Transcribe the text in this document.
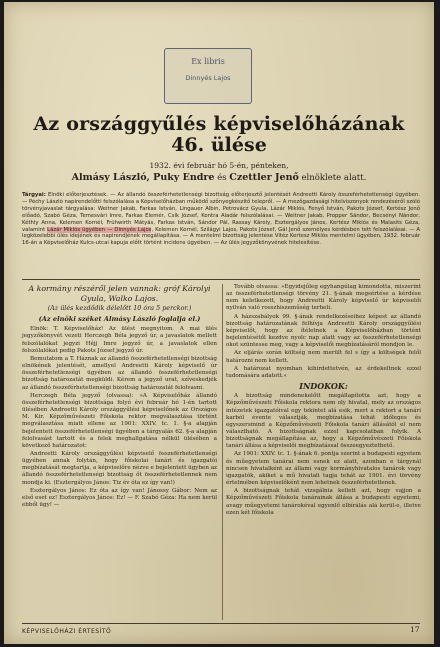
Ex libris
Dinnyés Lajos
Az országgyűlés képviselőházának
46. ülése
1932. évi február hó 5-én, pénteken,
Almásy László, Puky Endre és Czettler Jenő elnöklete alatt.
Tárgyai: Elnöki előterjesztések. — Az állandó összeférhetetlenségi bizottság előterjesztő jelentését Andreetti Károly összeférhetetlenségi ügyében. — Péchy László napirendelőtti felszólalása a Képviselőházban működő szőnyegkészítő telepről. — A mezőgazdasági hitelviszonyok rendezéséről szóló törvényjavaslat tárgyalása: Weitner Jakab, Farkas István, Lingauer Albin, Petrovácz Gyula, Lázár Miklós, Fenyő István, Pakots József, Kertész Jenő előadó, Szabó Géza, Temesvári Imre, Farkas Elemér, Csík József, Kontra Aladár felszólalásai. — Weitner Jakab, Propper Sándor, Becsényi Nándor, Kéthly Anna, Kelemen Kornél, Frühwirth Mátyás, Farkas István, Sándor Pál, Rassay Károly, Esztergályos János, Kertész Miklós és Malasits Géza, valamint Lázár Miklós ügyében — Dinnyés Lajos, Kelemen Kornél, Szilágyi Lajos, Pakots József, Gál Jenő személyes kérdésben tett felszólalásai. — A legközelebbi ülés idejének és napirendjének megállapítása. — A mentelmi bizottság jelentése Vitéz Kertesz Miklós mentelmi ügyében, 1932. február 16-án a Képviselőház Kulcs-utcai kapuja előtt történt incidens ügyében. — Az ülés jegyzőkönyvének hitelesítése.

A kormány részéről jelen vannak: gróf Károlyi Gyula, Walko Lajos.

(Az ülés kezdődik délelőtt 10 óra 5 perckor.)

(Az elnöki széket Almásy László foglalja el.)

Elnök: T. Képviselőház! Az ülést megnyitom. A mai ülés jegyzőkönyvét vezeti Herczegh Béla jegyző úr, a javaslatok mellett felszólalókat jegyzi Héjj Imre jegyző úr, a javaslatok ellen felszólalókat pedig Pakots József jegyző úr.

Bemutatom a T. Háznak az állandó összeférhetetlenségi bizottság elnökének jelentését, amellyel Andreetti Károly képviselő úr összeférhetetlenségi ügyében az állandó összeférhetetlenségi bizottság határozatát megküldi. Kérem a jegyző urat, szíveskedjék az állandó összeférhetetlenségi bizottság határozatát felolvasni.

Herczegh Béla jegyző (olvassa): »A Képviselőház állandó összeférhetetlenségi bizottsága folyó évi február hó 1-én tartott ülésében Andreetti Károly országgyűlési képviselőnek az Országos M. Kir. Képzőművészeti Főiskola rektor megválasztása történt megválasztása miatt ellene az 1901: XXIV. tc. 1. §-a alapján bejelentett összeférhetetlenségi ügyében a tárgyalás 62. §-a alapján felolvasást tartott és a felek meghallgatása nélkül ülésében a következő határozatot:

Andreetti Károly országgyűlési képviselő összeférhetetlenségi ügyében annak folytán, hogy főiskolai tanári és igazgatói megbízatását megtartja, a képviselőre nézve e bejelentett ügyben az állandó összeférhetetlenségi bizottság őt összeférhetetlennek nem mondja ki. (Esztergályos János: Tiz év óta ez így van!)

Esztergályos János: Ez óta az így van! Jánossy Gábor: Nem az első eset ez! Esztergályos János: Ez! — F. Szabó Géza: Ha nem kerül ebből ügy! —

Tovább olvassa: »Egyidejűleg egyhangúlag kimondotta, miszerint az összeférhetetlenségi törvény 21. §-ának megsértése a kérdése nem keletkezett, hogy Andreetti Károly képviselő úr képviselői nyilván való rosszhiszeműség terheli.

A házszabályok 99. §-ának rendelkezéseihez képest az állandó bizottság határozatának felhívja Andreetti Károly országgyűlési képviselőt, hogy az ítéletnek a Képviselőházban történt bejelentésétől kezdve nyolc nap alatt vagy az összeférhetetlenségi okot szüntesse meg, vagy a képviselői megbízatásáról mondjon le.

Az eljárás során költség nem merült fel s így a költségek felől határozni nem kellett.

A határozat nyomban kihirdettetvén, az érdekeltnek ezzel tudomására adatott.«

INDOKOK:

A bizottság mindenekelőtt megállapította azt, hogy a Képzőművészeti Főiskola rektora nem oly hivatal, mely az országos intézetek igazgatóival egy tekintet alá esik, mert a rektort a tanári karból évente választják, megbízatása tehát időleges és egyszersmind a Képzőművészeti Főiskola tanári állásától el nem választható. A bizottságnak ezzel kapcsolatban folyik. A bizottságnak megállapítása az, hogy a Képzőművészeti Főiskola tanári állása a képviselői megbízatással összeegyeztethető.

Az 1901: XXIV. tc. 1. §-ának 6. pontja szerint a budapesti egyetem és műegyetem tanárai nem esnek ez alatt, azonban e tárgynál nincsen hivatalként az állami vagy kormányhivatalos tanárok vagy igazgatók, akiket a mű hivatali tagja tehát az 1901. évi törvény értelmében képviselőként nem lehetnek összeférhetetlenek.

A bizottságnak tehát vizsgálnia kellett azt, hogy vajjon a Képzőművészeti Főiskola tanárainak állása a budapesti egyetemi, avagy műegyetemi tanárokéval egyenlő elbírálás alá kerül-e, illetve ezen két főiskola

KÉPVISELŐHÁZI ÉRTESÍTŐ	17
